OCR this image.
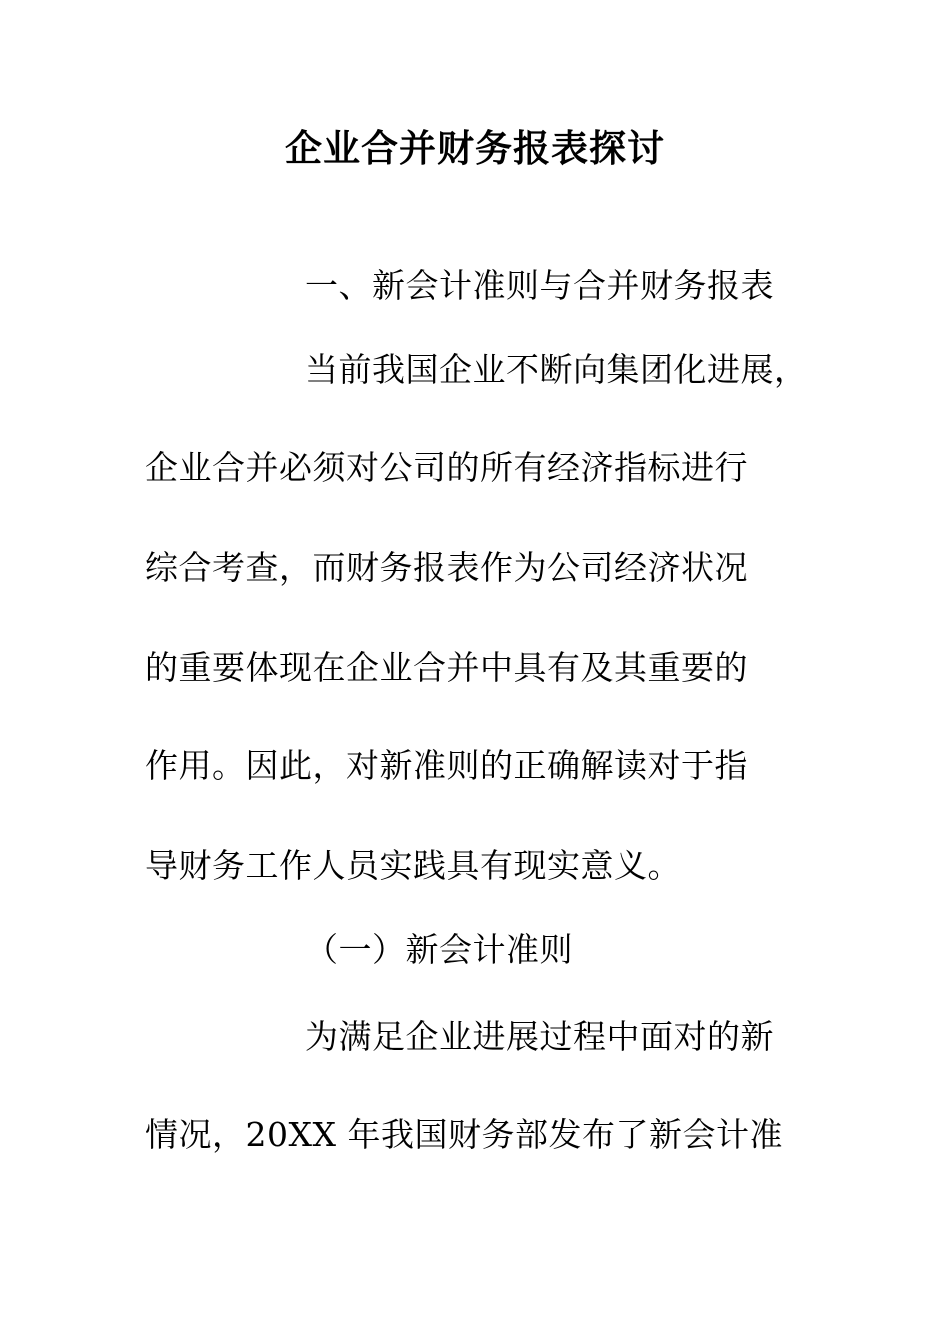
企业合并财务报表探讨
一、新会计准则与合并财务报表
当前我国企业不断向集团化进展，
企业合并必须对公司的所有经济指标进行
综合考查，而财务报表作为公司经济状况
的重要体现在企业合并中具有及其重要的
作用。因此，对新准则的正确解读对于指
导财务工作人员实践具有现实意义。
（一）新会计准则
为满足企业进展过程中面对的新
情况，20XX 年我国财务部发布了新会计准
